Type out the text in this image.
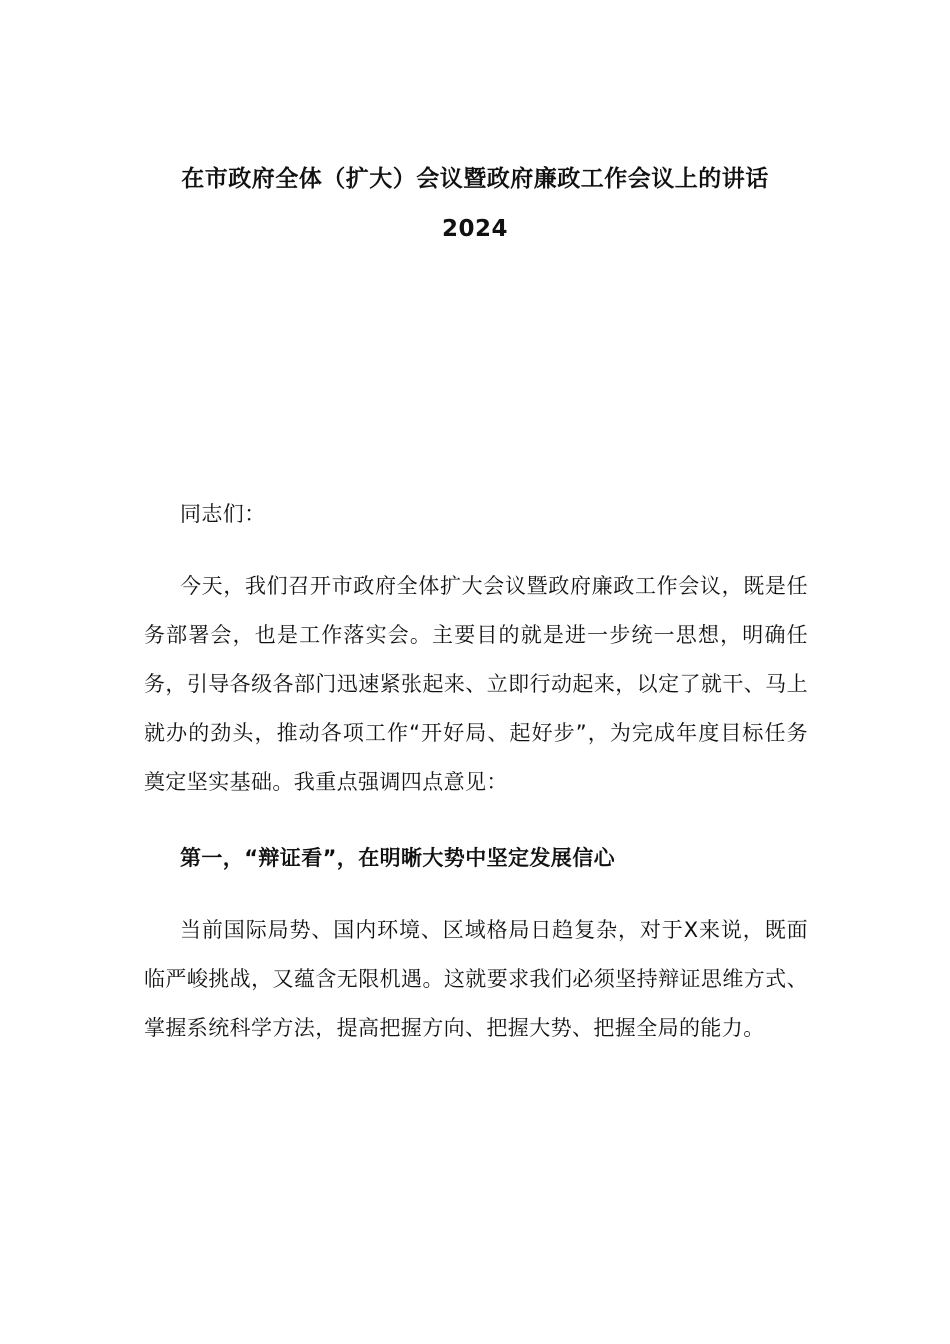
在市政府全体（扩大）会议暨政府廉政工作会议上的讲话
2024

同志们：

今天，我们召开市政府全体扩大会议暨政府廉政工作会议，既是任务部署会，也是工作落实会。主要目的就是进一步统一思想，明确任务，引导各级各部门迅速紧张起来、立即行动起来，以定了就干、马上就办的劲头，推动各项工作“开好局、起好步”，为完成年度目标任务奠定坚实基础。我重点强调四点意见：

第一，“辩证看”，在明晰大势中坚定发展信心

当前国际局势、国内环境、区域格局日趋复杂，对于X来说，既面临严峻挑战，又蕴含无限机遇。这就要求我们必须坚持辩证思维方式、掌握系统科学方法，提高把握方向、把握大势、把握全局的能力。
